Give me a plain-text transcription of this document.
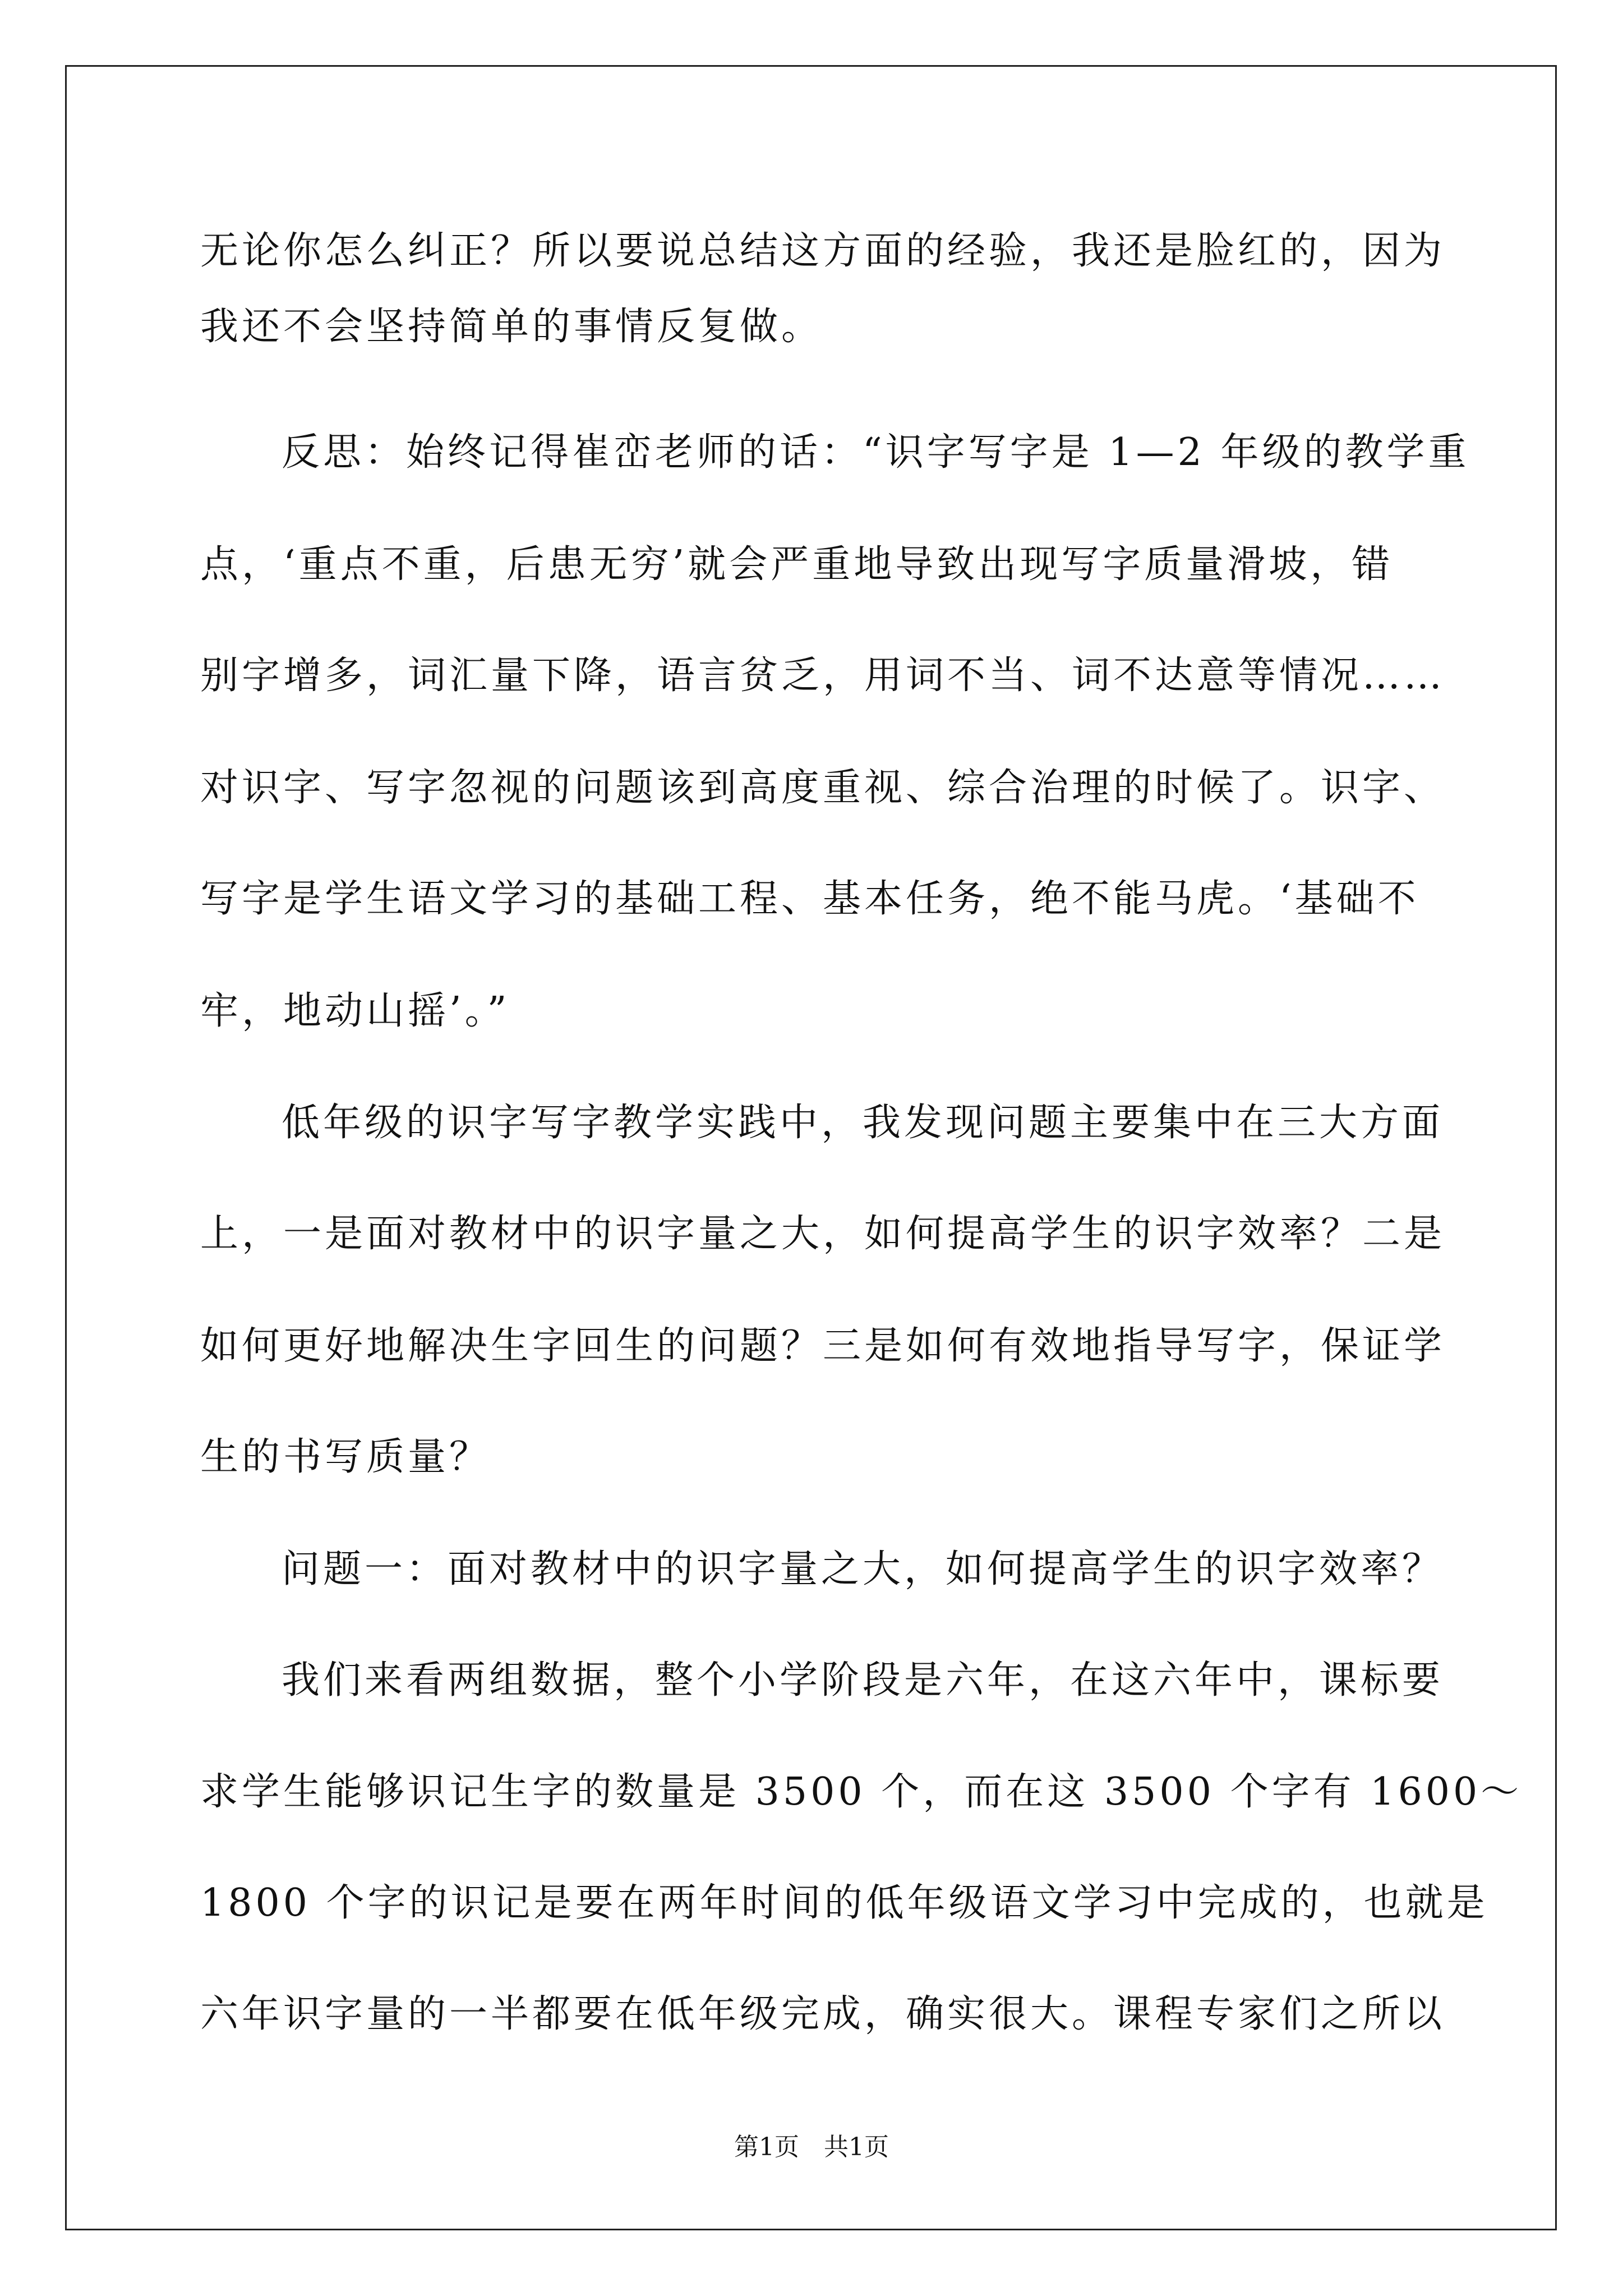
无论你怎么纠正？所以要说总结这方面的经验，我还是脸红的，因为
我还不会坚持简单的事情反复做。
反思：始终记得崔峦老师的话：“识字写字是 1—2 年级的教学重
点，‘重点不重，后患无穷’就会严重地导致出现写字质量滑坡，错
别字增多，词汇量下降，语言贫乏，用词不当、词不达意等情况……
对识字、写字忽视的问题该到高度重视、综合治理的时候了。识字、
写字是学生语文学习的基础工程、基本任务，绝不能马虎。‘基础不
牢，地动山摇’。”
低年级的识字写字教学实践中，我发现问题主要集中在三大方面
上，一是面对教材中的识字量之大，如何提高学生的识字效率？二是
如何更好地解决生字回生的问题？三是如何有效地指导写字，保证学
生的书写质量？
问题一：面对教材中的识字量之大，如何提高学生的识字效率？
我们来看两组数据，整个小学阶段是六年，在这六年中，课标要
求学生能够识记生字的数量是 3500 个，而在这 3500 个字有 1600～
1800 个字的识记是要在两年时间的低年级语文学习中完成的，也就是
六年识字量的一半都要在低年级完成，确实很大。课程专家们之所以
第1页　共1页
